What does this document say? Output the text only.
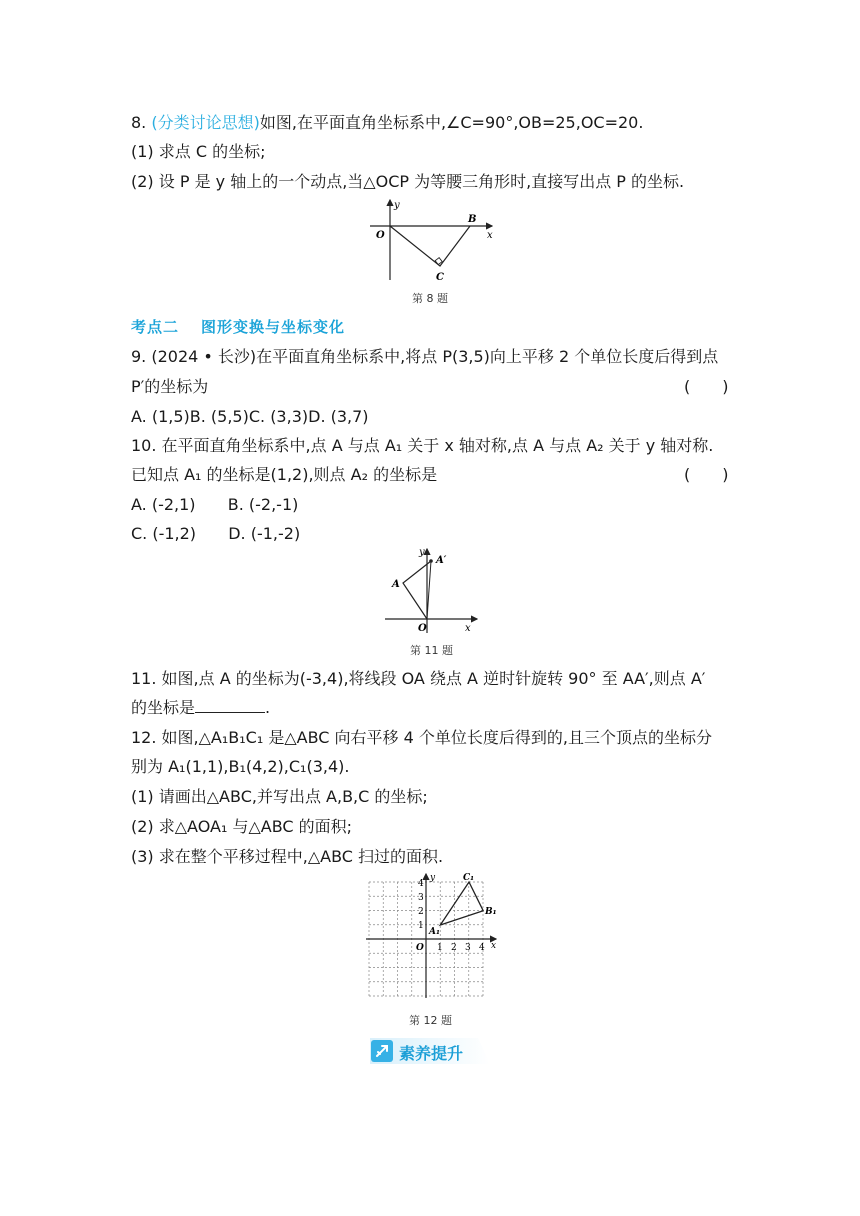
8. (分类讨论思想)如图,在平面直角坐标系中,∠C=90°,OB=25,OC=20.
(1) 求点 C 的坐标;
(2) 设 P 是 y 轴上的一个动点,当△OCP 为等腰三角形时,直接写出点 P 的坐标.
y
x
O
B
C
第 8 题
考点二 图形变换与坐标变化
9. (2024 • 长沙)在平面直角坐标系中,将点 P(3,5)向上平移 2 个单位长度后得到点
P′的坐标为	(　　)
A. (1,5)B. (5,5)C. (3,3)D. (3,7)
10. 在平面直角坐标系中,点 A 与点 A₁ 关于 x 轴对称,点 A 与点 A₂ 关于 y 轴对称.
已知点 A₁ 的坐标是(1,2),则点 A₂ 的坐标是	(　　)
A. (-2,1) B. (-2,-1)
C. (-1,2) D. (-1,-2)
y
A′
A
O	x
第 11 题
11. 如图,点 A 的坐标为(-3,4),将线段 OA 绕点 A 逆时针旋转 90° 至 AA′,则点 A′
的坐标是	.
12. 如图,△A₁B₁C₁ 是△ABC 向右平移 4 个单位长度后得到的,且三个顶点的坐标分
别为 A₁(1,1),B₁(4,2),C₁(3,4).
(1) 请画出△ABC,并写出点 A,B,C 的坐标;
(2) 求△AOA₁ 与△ABC 的面积;
(3) 求在整个平移过程中,△ABC 扫过的面积.
y
x
O
C₁
B₁
A₁
1 2 3 4
1
2
3
4
第 12 题
素养提升
